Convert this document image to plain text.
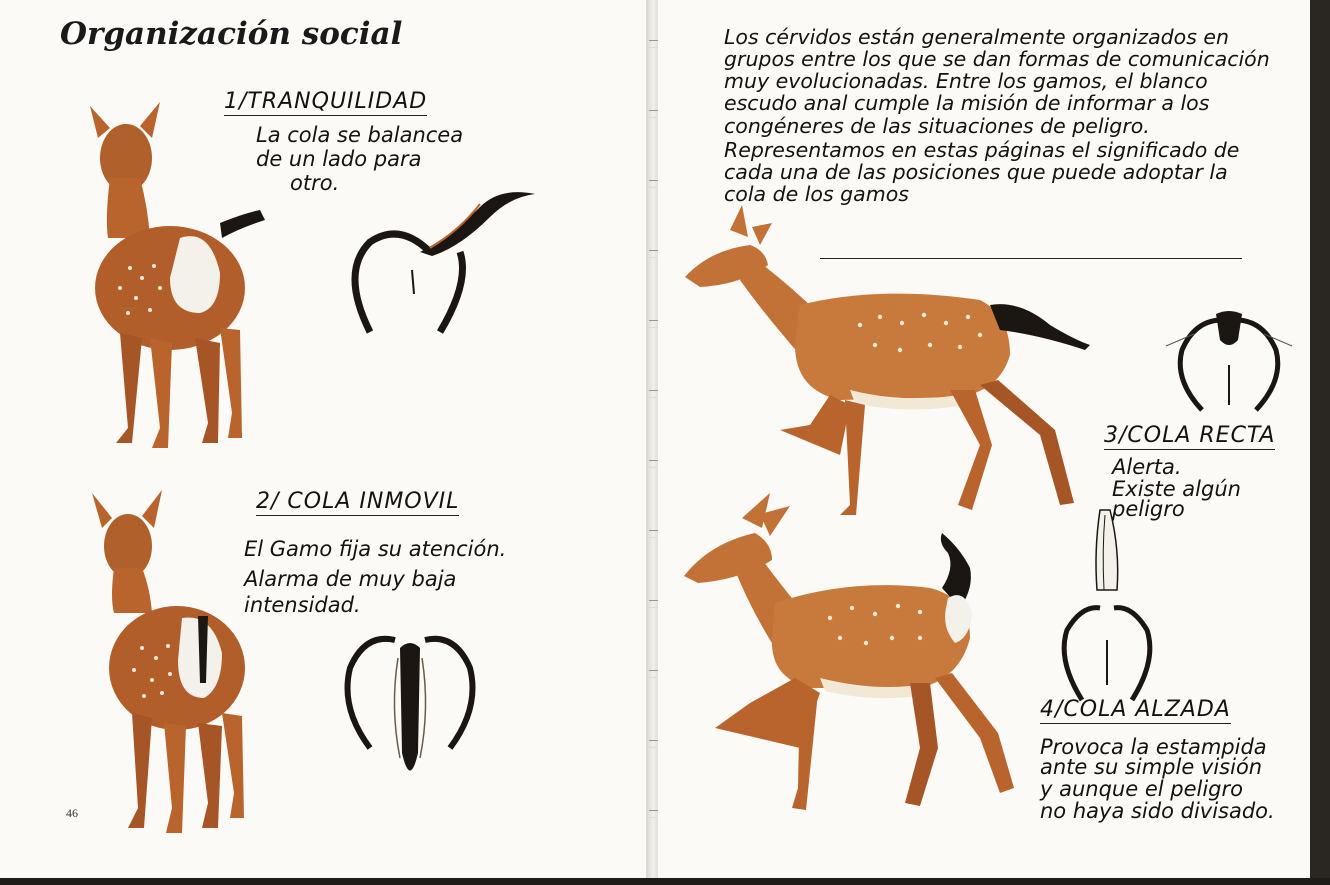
Organización social
1/TRANQUILIDAD
La cola se balancea
de un lado para
otro.
2/ COLA INMOVIL
El Gamo fija su atención.
Alarma de muy baja
intensidad.
46

Los cérvidos están generalmente organizados en grupos entre los que se dan formas de comunicación muy evolucionadas. Entre los gamos, el blanco escudo anal cumple la misión de informar a los congéneres de las situaciones de peligro.

Representamos en estas páginas el significado de cada una de las posiciones que puede adoptar la cola de los gamos

3/COLA RECTA
Alerta.
Existe algún
peligro
4/COLA ALZADA
Provoca la estampida
ante su simple visión
y aunque el peligro
no haya sido divisado.
